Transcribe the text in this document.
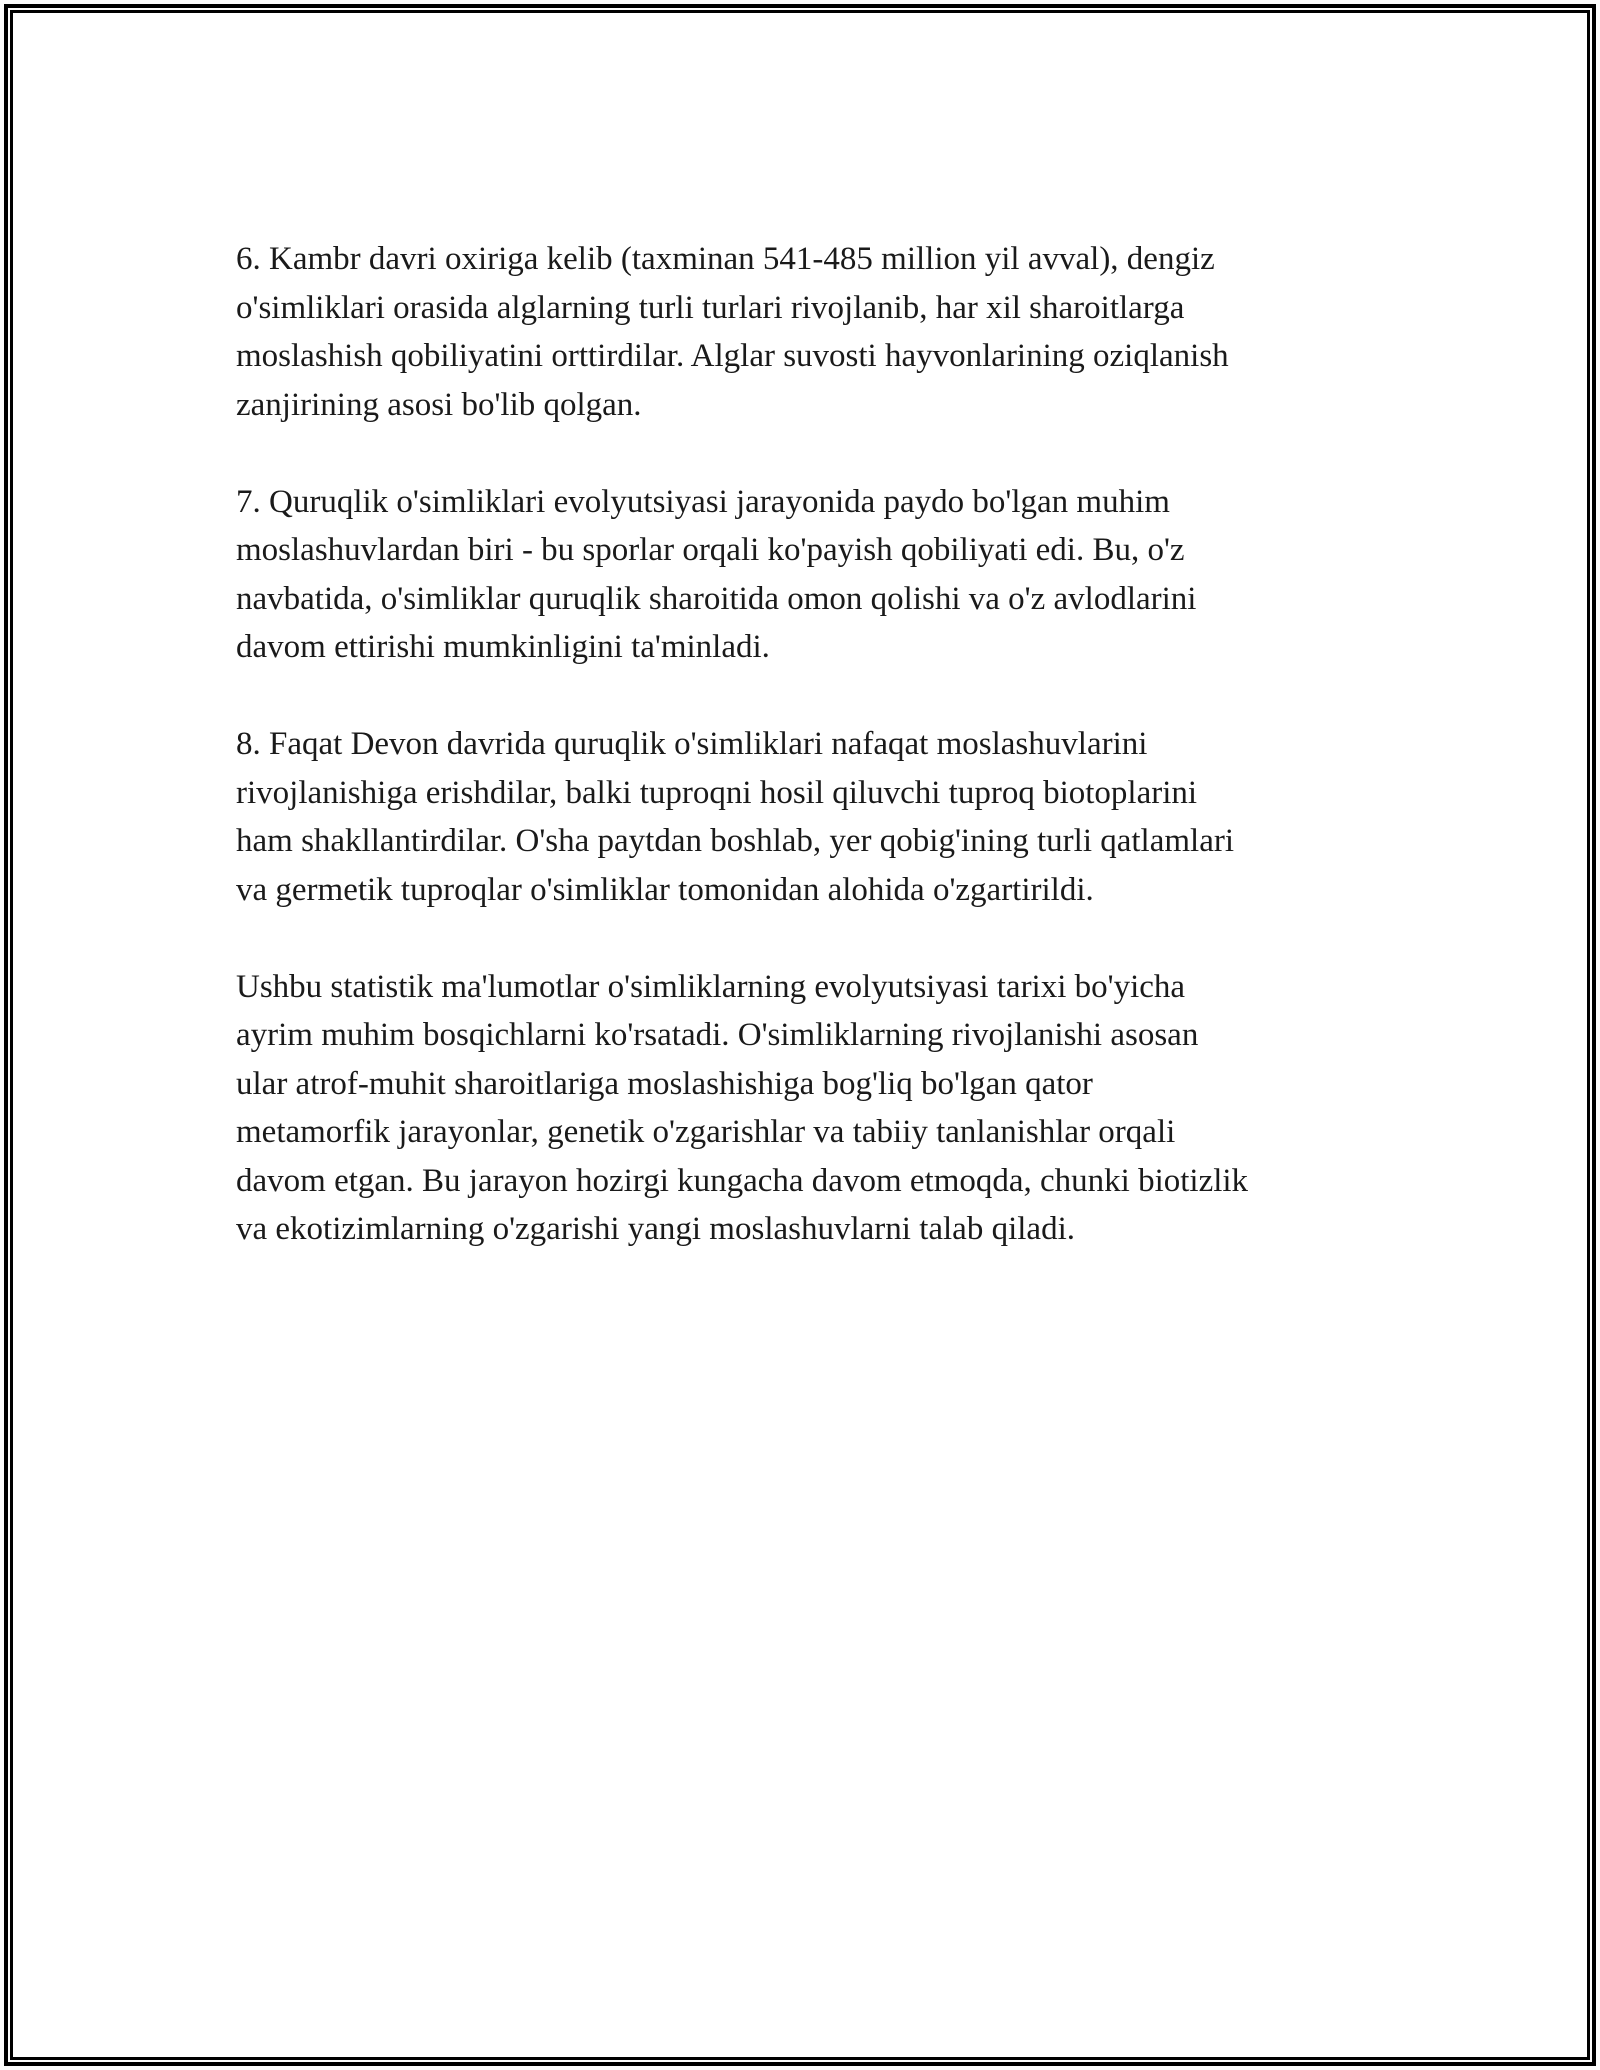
6. Kambr davri oxiriga kelib (taxminan 541-485 million yil avval), dengiz
o'simliklari orasida alglarning turli turlari rivojlanib, har xil sharoitlarga
moslashish qobiliyatini orttirdilar. Alglar suvosti hayvonlarining oziqlanish
zanjirining asosi bo'lib qolgan.

7. Quruqlik o'simliklari evolyutsiyasi jarayonida paydo bo'lgan muhim
moslashuvlardan biri - bu sporlar orqali ko'payish qobiliyati edi. Bu, o'z
navbatida, o'simliklar quruqlik sharoitida omon qolishi va o'z avlodlarini
davom ettirishi mumkinligini ta'minladi.

8. Faqat Devon davrida quruqlik o'simliklari nafaqat moslashuvlarini
rivojlanishiga erishdilar, balki tuproqni hosil qiluvchi tuproq biotoplarini
ham shakllantirdilar. O'sha paytdan boshlab, yer qobig'ining turli qatlamlari
va germetik tuproqlar o'simliklar tomonidan alohida o'zgartirildi.

Ushbu statistik ma'lumotlar o'simliklarning evolyutsiyasi tarixi bo'yicha
ayrim muhim bosqichlarni ko'rsatadi. O'simliklarning rivojlanishi asosan
ular atrof-muhit sharoitlariga moslashishiga bog'liq bo'lgan qator
metamorfik jarayonlar, genetik o'zgarishlar va tabiiy tanlanishlar orqali
davom etgan. Bu jarayon hozirgi kungacha davom etmoqda, chunki biotizlik
va ekotizimlarning o'zgarishi yangi moslashuvlarni talab qiladi.
